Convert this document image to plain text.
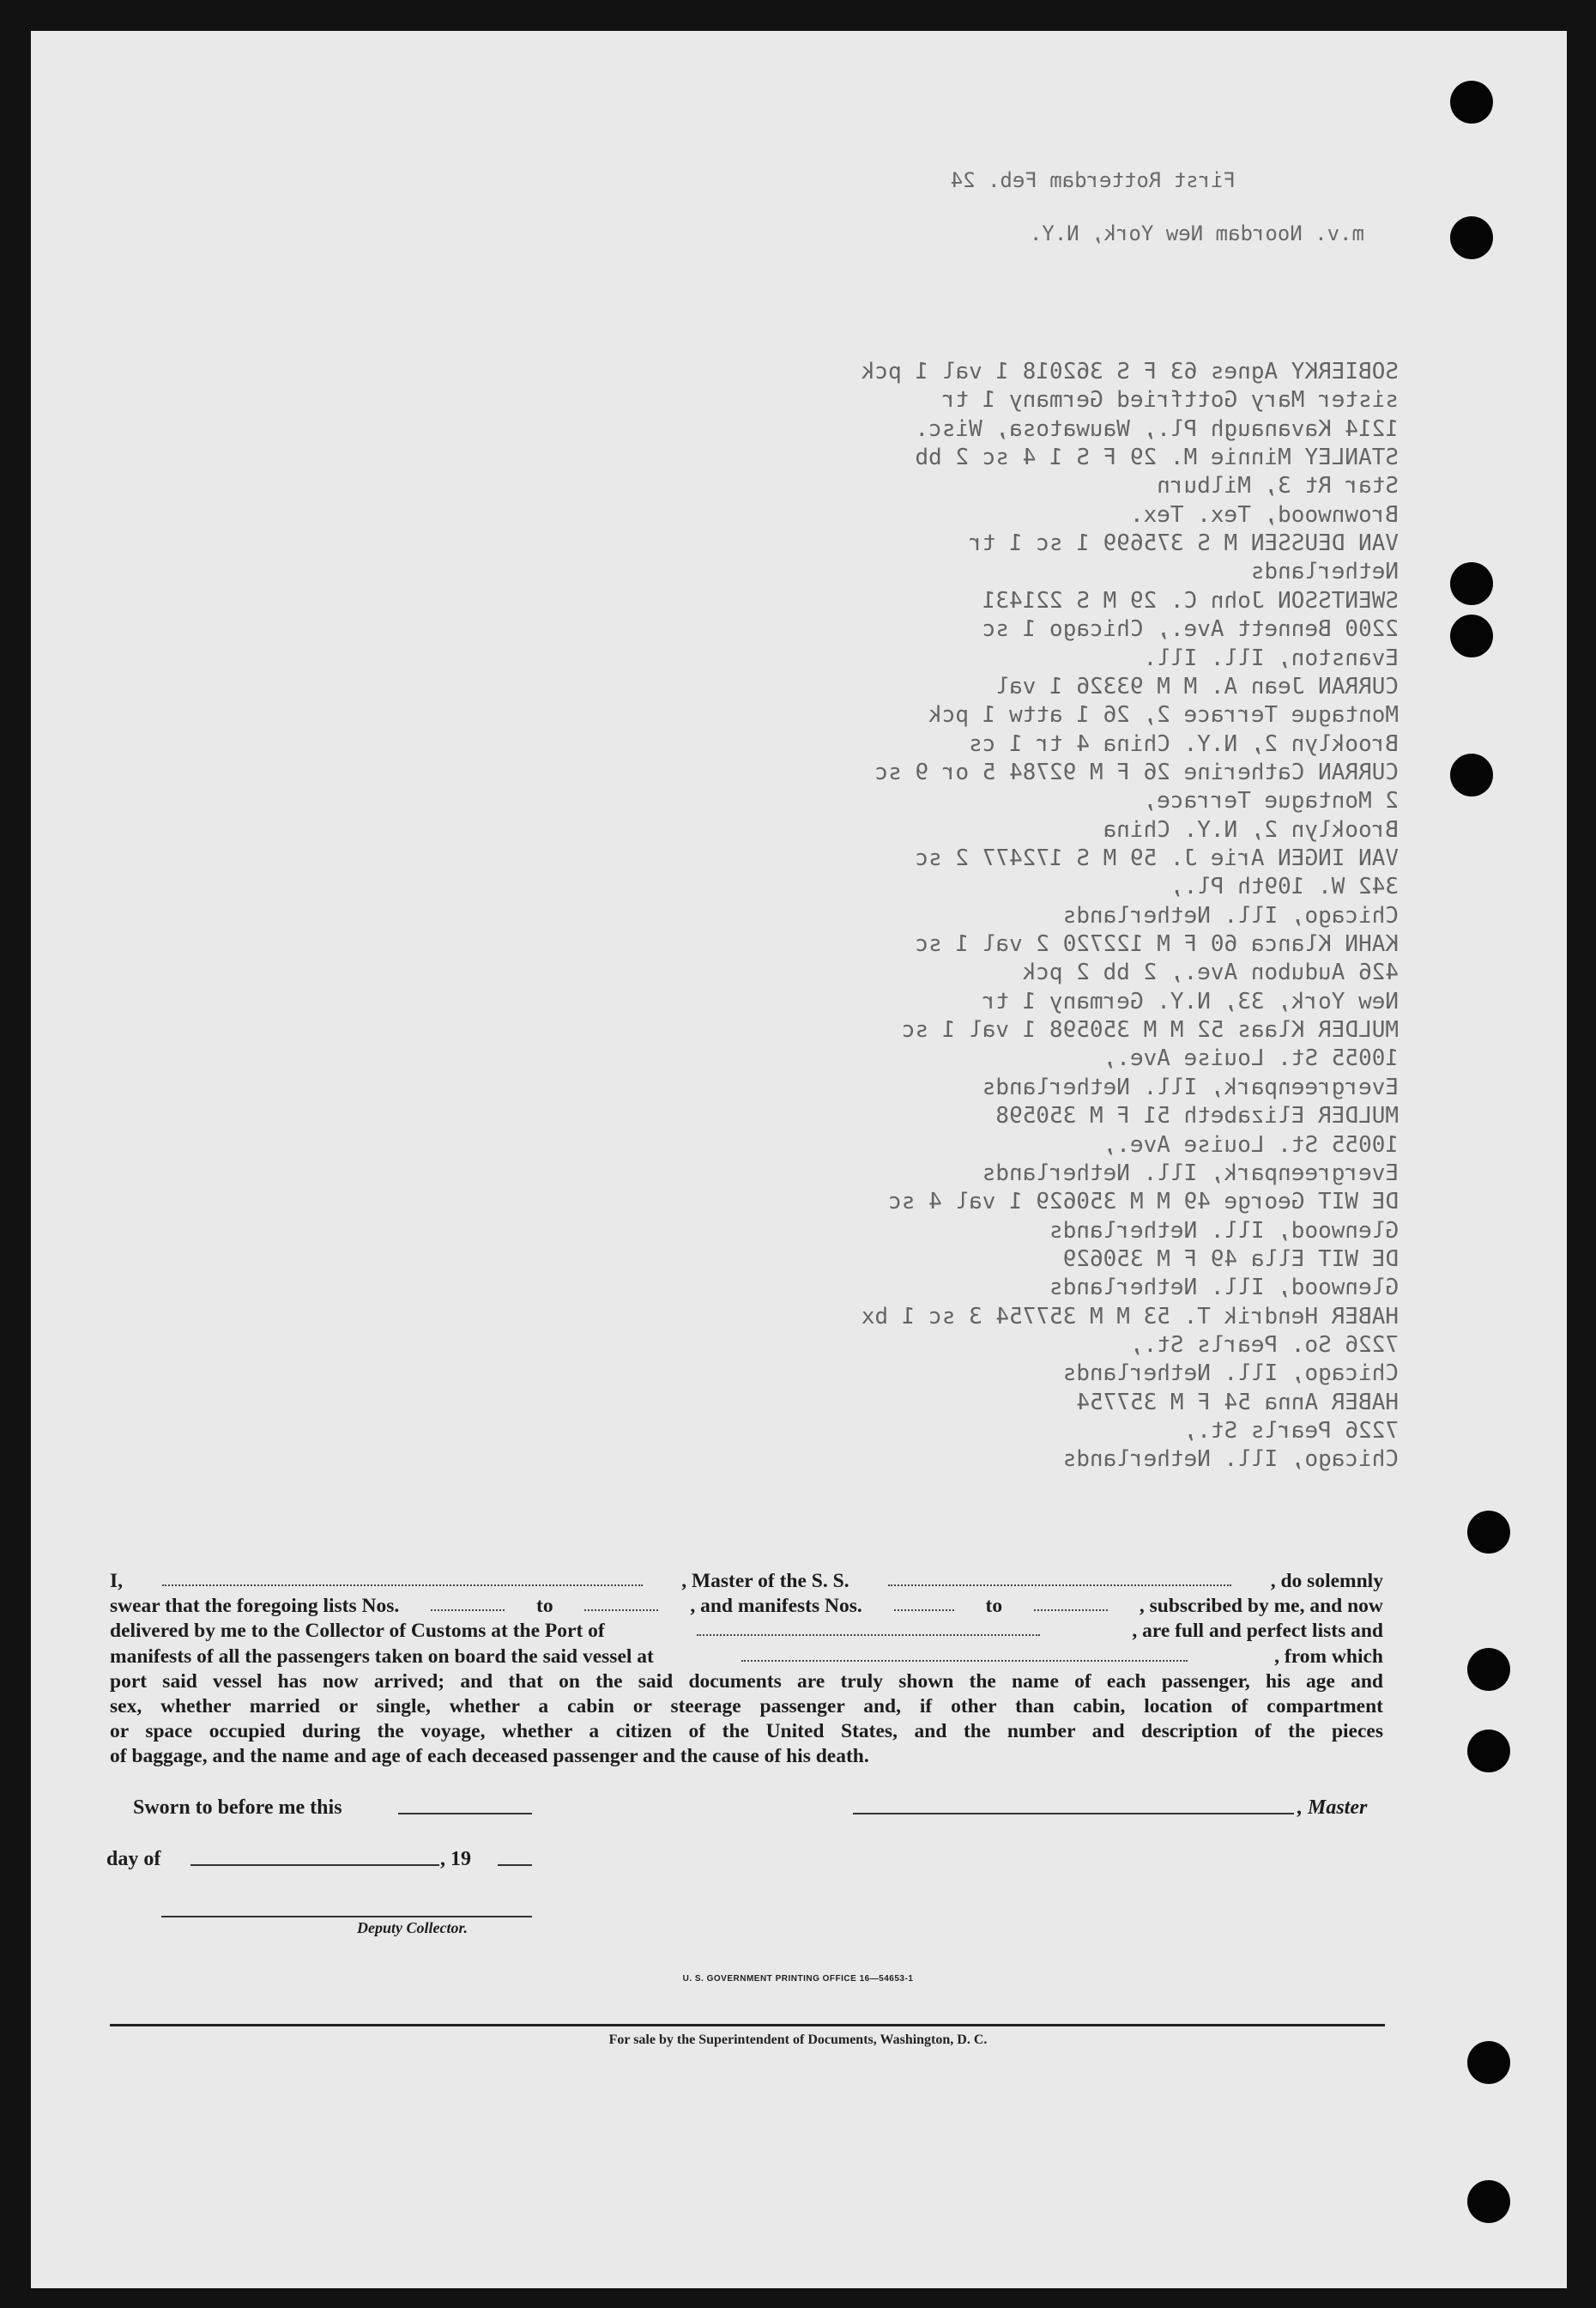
First Rotterdam Feb. 24
m.v. Noordam New York, N.Y.
SOBIERKY Agnes 63 F S 362018 1 val 1 pck
sister Mary Gottfried Germany 1 tr
1214 Kavanaugh Pl., Wauwatosa, Wisc.
STANLEY Minnie M. 29 F S 1 4 sc 2 bb
Star Rt 3, Milburn
Brownwood, Tex. Tex.
VAN DEUSSEN M S 375699 1 sc 1 tr
Netherlands
SWENTSSON John C. 29 M S 221431
2200 Bennett Ave., Chicago 1 sc
Evanston, Ill. Ill.
CURRAN Jean A. M M 93326 1 val
Montague Terrace 2, 26 1 attw 1 pck
Brooklyn 2, N.Y. China 4 tr 1 cs
CURRAN Catherine 26 F M 92784 5 or 9 sc
2 Montague Terrace,
Brooklyn 2, N.Y. China
VAN INGEN Arie J. 59 M S 172477 2 sc
342 W. 109th Pl.,
Chicago, Ill. Netherlands
KAHN Klanca 60 F M 122720 2 val 1 sc
426 Audubon Ave., 2 bb 2 pck
New York, 33, N.Y. Germany 1 tr
MULDER Klaas 52 M M 350598 1 val 1 sc
10055 St. Louise Ave.,
Evergreenpark, Ill. Netherlands
MULDER Elizabeth 51 F M 350598
10055 St. Louise Ave.,
Evergreenpark, Ill. Netherlands
DE WIT George 49 M M 350629 1 val 4 sc
Glenwood, Ill. Netherlands
DE WIT Ella 49 F M 350629
Glenwood, Ill. Netherlands
HABER Hendrik T. 53 M M 357754 3 sc 1 bx
7226 So. Pearls St.,
Chicago, Ill. Netherlands
HABER Anna 54 F M 357754
7226 Pearls St.,
Chicago, Ill. Netherlands
I,	, Master of the S. S.	, do solemnly
swear that the foregoing lists Nos.	to	, and manifests Nos.	to	, subscribed by me, and now
delivered by me to the Collector of Customs at the Port of	, are full and perfect lists and
manifests of all the passengers taken on board the said vessel at	, from which
port said vessel has now arrived; and that on the said documents are truly shown the name of each passenger, his age and
sex, whether married or single, whether a cabin or steerage passenger and, if other than cabin, location of compartment
or space occupied during the voyage, whether a citizen of the United States, and the number and description of the pieces
of baggage, and the name and age of each deceased passenger and the cause of his death.
Sworn to before me this	, Master
day of	, 19
Deputy Collector.
U. S. GOVERNMENT PRINTING OFFICE 16—54653-1
For sale by the Superintendent of Documents, Washington, D. C.
